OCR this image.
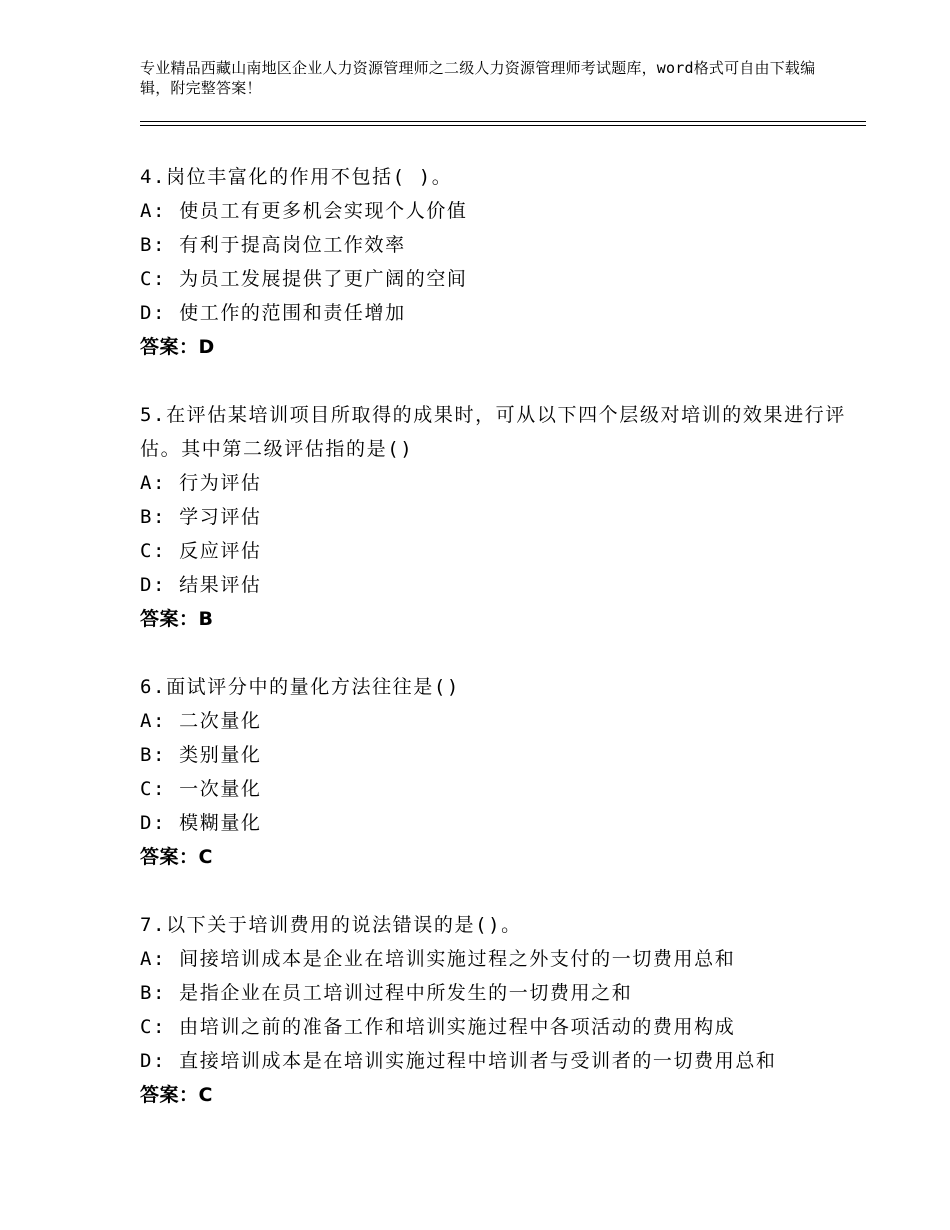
专业精品西藏山南地区企业人力资源管理师之二级人力资源管理师考试题库，word格式可自由下载编辑，附完整答案！
4.岗位丰富化的作用不包括( )。
A: 使员工有更多机会实现个人价值
B: 有利于提高岗位工作效率
C: 为员工发展提供了更广阔的空间
D: 使工作的范围和责任增加
答案：D
5.在评估某培训项目所取得的成果时，可从以下四个层级对培训的效果进行评估。其中第二级评估指的是()
A: 行为评估
B: 学习评估
C: 反应评估
D: 结果评估
答案：B
6.面试评分中的量化方法往往是()
A: 二次量化
B: 类别量化
C: 一次量化
D: 模糊量化
答案：C
7.以下关于培训费用的说法错误的是()。
A: 间接培训成本是企业在培训实施过程之外支付的一切费用总和
B: 是指企业在员工培训过程中所发生的一切费用之和
C: 由培训之前的准备工作和培训实施过程中各项活动的费用构成
D: 直接培训成本是在培训实施过程中培训者与受训者的一切费用总和
答案：C
